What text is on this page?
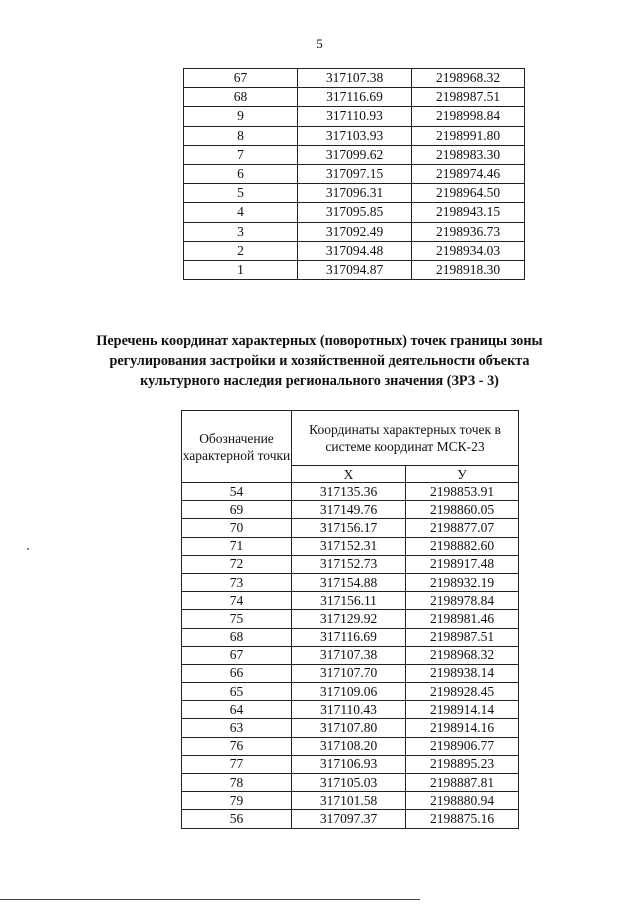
5
67	317107.38	2198968.32
68	317116.69	2198987.51
9	317110.93	2198998.84
8	317103.93	2198991.80
7	317099.62	2198983.30
6	317097.15	2198974.46
5	317096.31	2198964.50
4	317095.85	2198943.15
3	317092.49	2198936.73
2	317094.48	2198934.03
1	317094.87	2198918.30
Перечень координат характерных (поворотных) точек границы зоны
регулирования застройки и хозяйственной деятельности объекта
культурного наследия регионального значения (ЗРЗ - 3)
Обозначение характерной точки	Координаты характерных точек в системе координат МСК-23	
	Х	У
54	317135.36	2198853.91
69	317149.76	2198860.05
70	317156.17	2198877.07
71	317152.31	2198882.60
72	317152.73	2198917.48
73	317154.88	2198932.19
74	317156.11	2198978.84
75	317129.92	2198981.46
68	317116.69	2198987.51
67	317107.38	2198968.32
66	317107.70	2198938.14
65	317109.06	2198928.45
64	317110.43	2198914.14
63	317107.80	2198914.16
76	317108.20	2198906.77
77	317106.93	2198895.23
78	317105.03	2198887.81
79	317101.58	2198880.94
56	317097.37	2198875.16
